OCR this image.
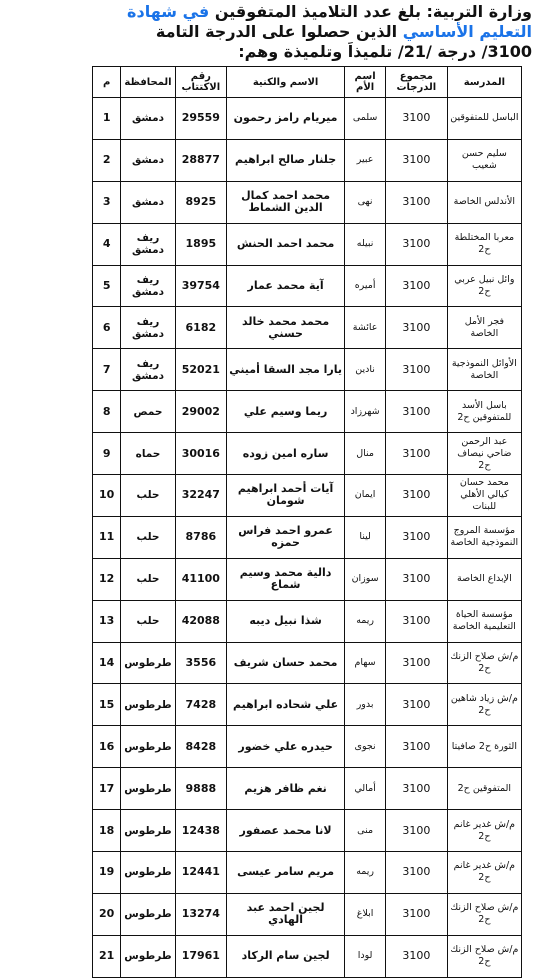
وزارة التربية: بلغ عدد التلاميذ المتفوقين في شهادة
التعليم الأساسي الذين حصلوا على الدرجة التامة
3100/ درجة /21/ تلميذاً وتلميذة وهم:
المدرسة	مجموع الدرجات	اسم الأم	الاسم والكنية	رقم الاكتتاب	المحافظة	م
الباسل للمتفوقين	3100	سلمى	ميريام رامز رحمون	29559	دمشق	1
سليم حسن شعيب	3100	عبير	جلنار صالح ابراهيم	28877	دمشق	2
الأندلس الخاصة	3100	نهى	محمد احمد كمال الدين الشماط	8925	دمشق	3
معربا المختلطة ح2	3100	نبيله	محمد احمد الحنش	1895	ريف دمشق	4
وائل نبيل عربي ح2	3100	أميره	آية محمد عمار	39754	ريف دمشق	5
فجر الأمل الخاصة	3100	عائشة	محمد محمد خالد حسني	6182	ريف دمشق	6
الأوائل النموذجية الخاصة	3100	نادين	يارا مجد السقا أميني	52021	ريف دمشق	7
باسل الأسد للمتفوقين ح2	3100	شهرزاد	ريما وسيم علي	29002	حمص	8
عبد الرحمن ضاحي نيصاف ح2	3100	منال	ساره امين زوده	30016	حماه	9
محمد حسان كيالي الأهلي للبنات	3100	ايمان	آيات أحمد ابراهيم شومان	32247	حلب	10
مؤسسة المروج النموذجية الخاصة	3100	لينا	عمرو احمد فراس حمزه	8786	حلب	11
الإبداع الخاصة	3100	سوزان	دالية محمد وسيم شماع	41100	حلب	12
مؤسسة الحياة التعليمية الخاصة	3100	ريمه	شذا نبيل ديبه	42088	حلب	13
م/ش صلاح الزنك ح2	3100	سهام	محمد حسان شريف	3556	طرطوس	14
م/ش زياد شاهين ح2	3100	بدور	علي شحاده ابراهيم	7428	طرطوس	15
الثورة ح2 صافيتا	3100	نجوى	حيدره علي خضور	8428	طرطوس	16
المتفوقين ح2	3100	أمالي	نغم ظافر هزيم	9888	طرطوس	17
م/ش غدير غانم ح2	3100	منى	لانا محمد عصفور	12438	طرطوس	18
م/ش غدير غانم ح2	3100	ريمه	مريم سامر عيسى	12441	طرطوس	19
م/ش صلاح الزنك ح2	3100	ابلاغ	لجين احمد عبد الهادي	13274	طرطوس	20
م/ش صلاح الزنك ح2	3100	لودا	لجين سام الركاد	17961	طرطوس	21
